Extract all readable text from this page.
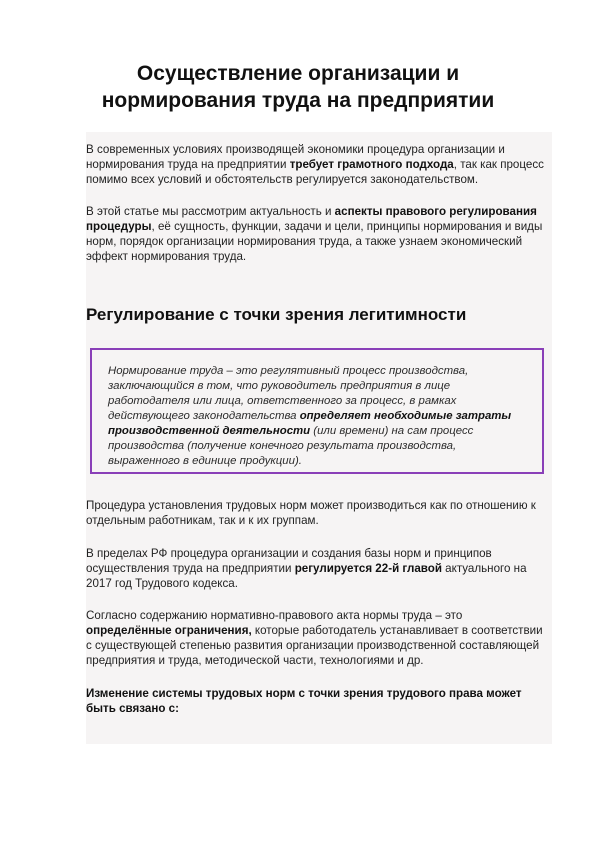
Осуществление организации и нормирования труда на предприятии

В современных условиях производящей экономики процедура организации и нормирования труда на предприятии требует грамотного подхода, так как процесс помимо всех условий и обстоятельств регулируется законодательством.

В этой статье мы рассмотрим актуальность и аспекты правового регулирования процедуры, её сущность, функции, задачи и цели, принципы нормирования и виды норм, порядок организации нормирования труда, а также узнаем экономический эффект нормирования труда.

Регулирование с точки зрения легитимности

Нормирование труда – это регулятивный процесс производства, заключающийся в том, что руководитель предприятия в лице работодателя или лица, ответственного за процесс, в рамках действующего законодательства определяет необходимые затраты производственной деятельности (или времени) на сам процесс производства (получение конечного результата производства, выраженного в единице продукции).

Процедура установления трудовых норм может производиться как по отношению к отдельным работникам, так и к их группам.

В пределах РФ процедура организации и создания базы норм и принципов осуществления труда на предприятии регулируется 22-й главой актуального на 2017 год Трудового кодекса.

Согласно содержанию нормативно-правового акта нормы труда – это определённые ограничения, которые работодатель устанавливает в соответствии с существующей степенью развития организации производственной составляющей предприятия и труда, методической части, технологиями и др.

Изменение системы трудовых норм с точки зрения трудового права может быть связано с:
